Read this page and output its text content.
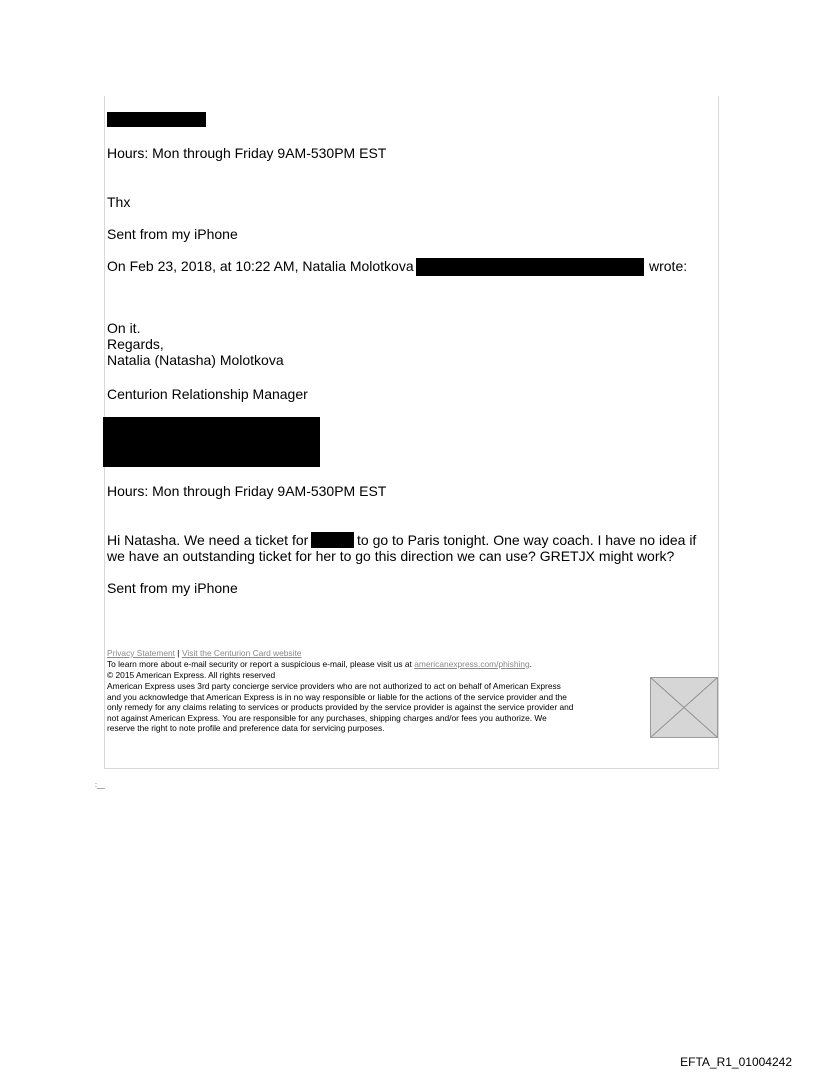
Hours: Mon through Friday 9AM-530PM EST
Thx
Sent from my iPhone
On Feb 23, 2018, at 10:22 AM, Natalia Molotkova	wrote:
On it.
Regards,
Natalia (Natasha) Molotkova
Centurion Relationship Manager
Hours: Mon through Friday 9AM-530PM EST
Hi Natasha. We need a ticket for	to go to Paris tonight. One way coach. I have no idea if
we have an outstanding ticket for her to go this direction we can use? GRETJX might work?
Sent from my iPhone
Privacy Statement | Visit the Centurion Card website
To learn more about e-mail security or report a suspicious e-mail, please visit us at americanexpress.com/phishing.
© 2015 American Express. All rights reserved
American Express uses 3rd party concierge service providers who are not authorized to act on behalf of American Express
and you acknowledge that American Express is in no way responsible or liable for the actions of the service provider and the
only remedy for any claims relating to services or products provided by the service provider is against the service provider and
not against American Express. You are responsible for any purchases, shipping charges and/or fees you authorize. We
reserve the right to note profile and preference data for servicing purposes.
:__
EFTA_R1_01004242
